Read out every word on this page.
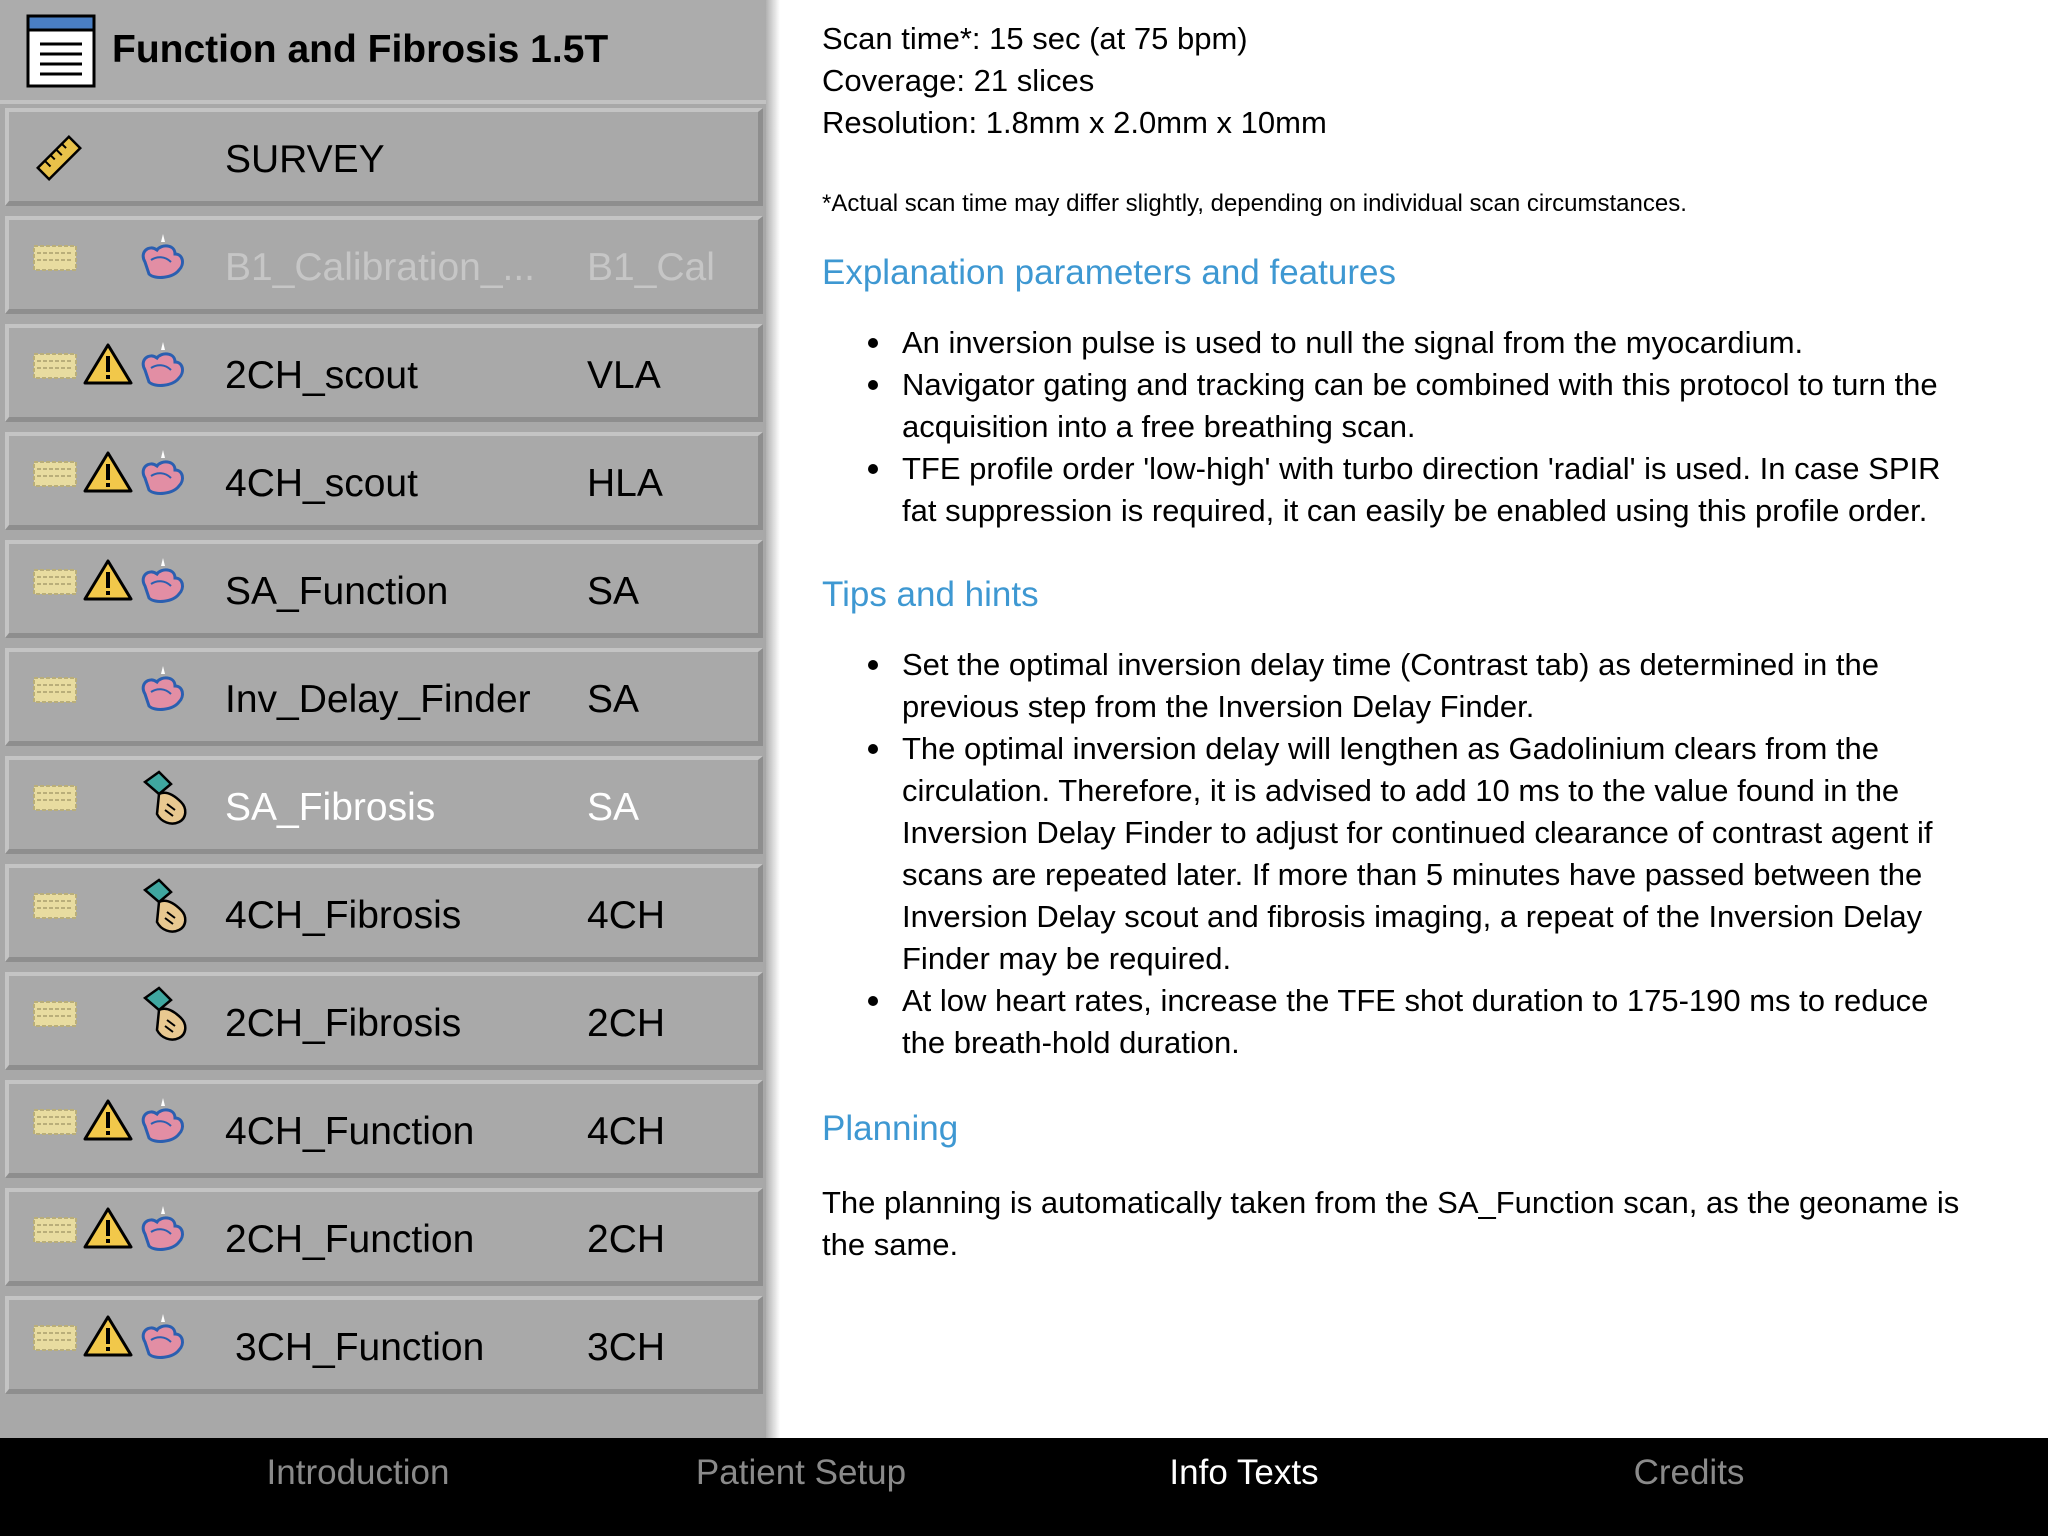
Function and Fibrosis 1.5T
SURVEY
B1_Calibration_... B1_Cal
2CH_scout	VLA
4CH_scout	HLA
SA_Function	SA
Inv_Delay_Finder SA
SA_Fibrosis	SA
4CH_Fibrosis	4CH
2CH_Fibrosis	2CH
4CH_Function	4CH
2CH_Function	2CH
3CH_Function	3CH

Scan time*: 15 sec (at 75 bpm)

Coverage: 21 slices

Resolution: 1.8mm x 2.0mm x 10mm

*Actual scan time may differ slightly, depending on individual scan circumstances.

Explanation parameters and features

An inversion pulse is used to null the signal from the myocardium.
Navigator gating and tracking can be combined with this protocol to turn the acquisition into a free breathing scan.
TFE profile order 'low-high' with turbo direction 'radial' is used. In case SPIR fat suppression is required, it can easily be enabled using this profile order.

Tips and hints

Set the optimal inversion delay time (Contrast tab) as determined in the previous step from the Inversion Delay Finder.
The optimal inversion delay will lengthen as Gadolinium clears from the circulation. Therefore, it is advised to add 10 ms to the value found in the Inversion Delay Finder to adjust for continued clearance of contrast agent if scans are repeated later. If more than 5 minutes have passed between the Inversion Delay scout and fibrosis imaging, a repeat of the Inversion Delay Finder may be required.
At low heart rates, increase the TFE shot duration to 175-190 ms to reduce the breath-hold duration.

Planning

The planning is automatically taken from the SA_Function scan, as the geoname is the same.

Introduction	Patient Setup	Info Texts	Credits
